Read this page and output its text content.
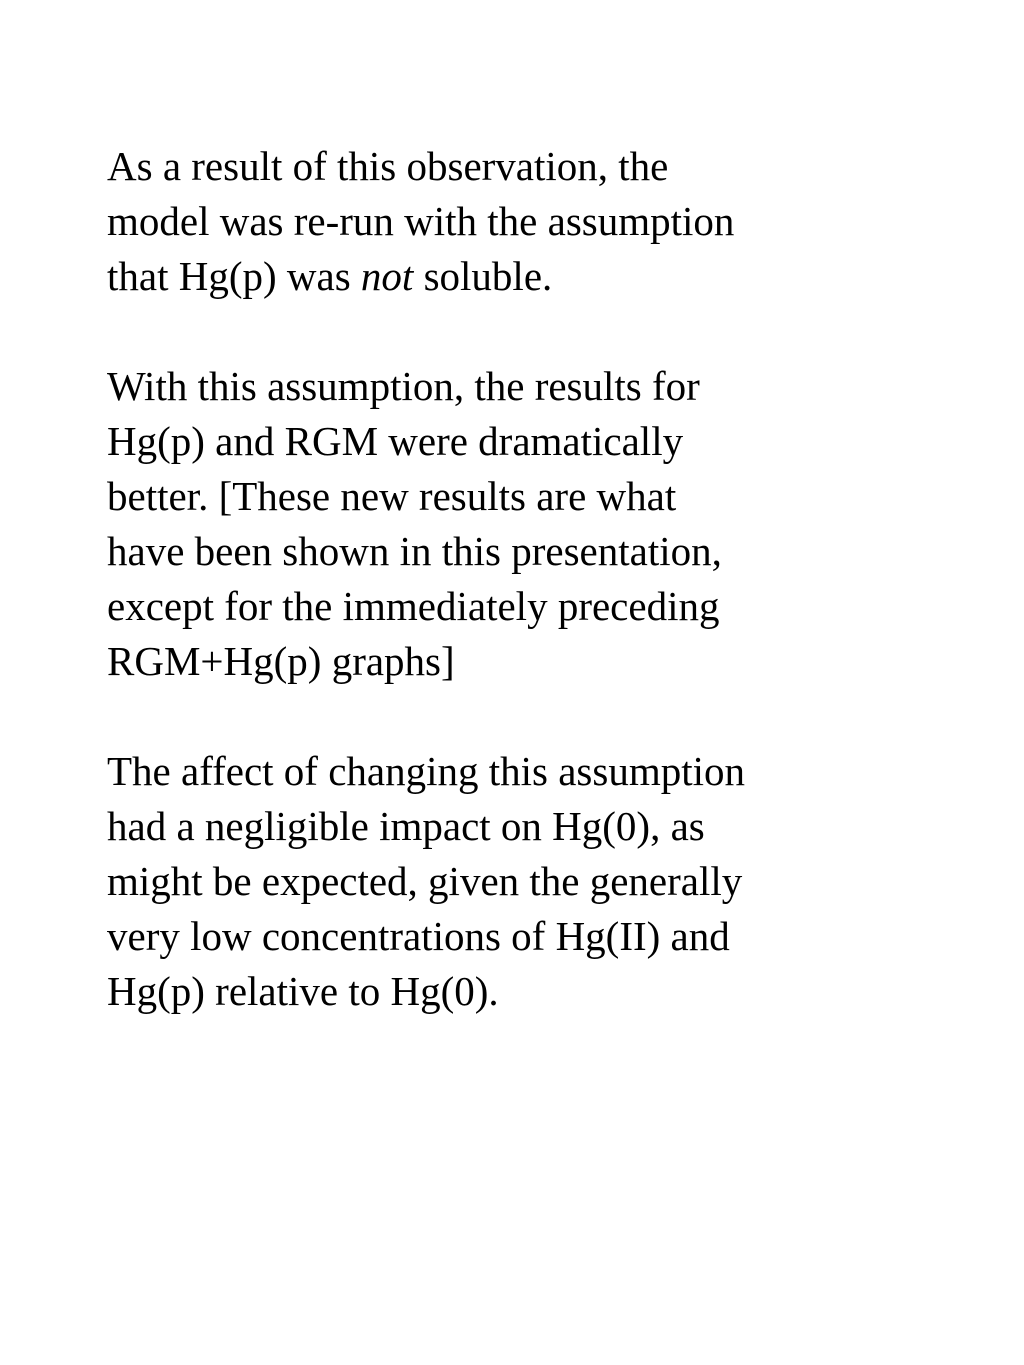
As a result of this observation, the
model was re-run with the assumption
that Hg(p) was not soluble.
With this assumption, the results for
Hg(p) and RGM were dramatically
better. [These new results are what
have been shown in this presentation,
except for the immediately preceding
RGM+Hg(p) graphs]
The affect of changing this assumption
had a negligible impact on Hg(0), as
might be expected, given the generally
very low concentrations of Hg(II) and
Hg(p) relative to Hg(0).
